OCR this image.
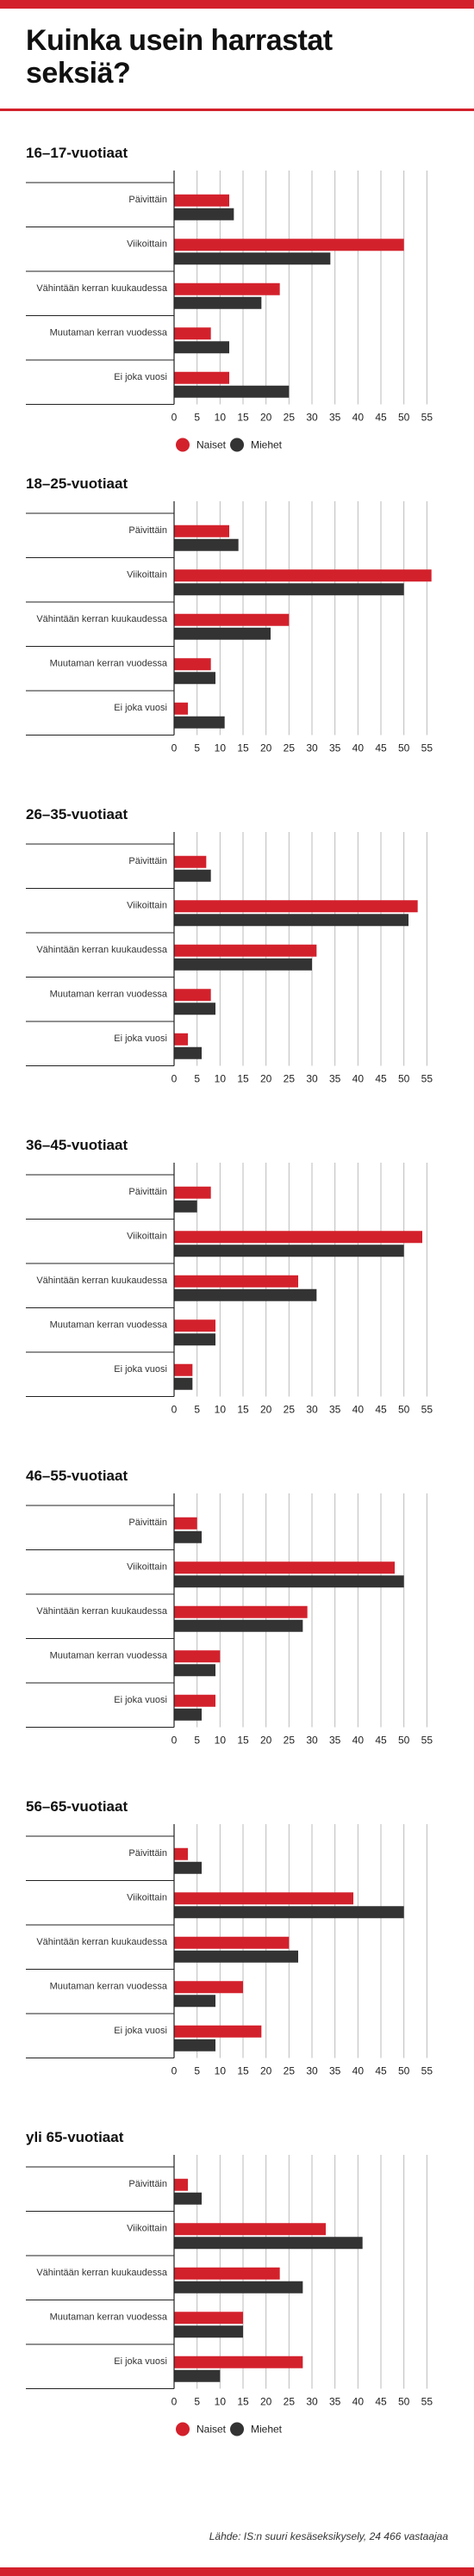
Kuinka usein harrastat seksiä?
16–17-vuotiaat
Päivittäin
Viikoittain
Vähintään kerran kuukaudessa
Muutaman kerran vuodessa
Ei joka vuosi
0 5 10 15 20 25 30 35 40 45 50 55
Naiset Miehet
18–25-vuotiaat
Päivittäin
Viikoittain
Vähintään kerran kuukaudessa
Muutaman kerran vuodessa
Ei joka vuosi
0 5 10 15 20 25 30 35 40 45 50 55
26–35-vuotiaat
Päivittäin
Viikoittain
Vähintään kerran kuukaudessa
Muutaman kerran vuodessa
Ei joka vuosi
0 5 10 15 20 25 30 35 40 45 50 55
36–45-vuotiaat
Päivittäin
Viikoittain
Vähintään kerran kuukaudessa
Muutaman kerran vuodessa
Ei joka vuosi
0 5 10 15 20 25 30 35 40 45 50 55
46–55-vuotiaat
Päivittäin
Viikoittain
Vähintään kerran kuukaudessa
Muutaman kerran vuodessa
Ei joka vuosi
0 5 10 15 20 25 30 35 40 45 50 55
56–65-vuotiaat
Päivittäin
Viikoittain
Vähintään kerran kuukaudessa
Muutaman kerran vuodessa
Ei joka vuosi
0 5 10 15 20 25 30 35 40 45 50 55
yli 65-vuotiaat
Päivittäin
Viikoittain
Vähintään kerran kuukaudessa
Muutaman kerran vuodessa
Ei joka vuosi
0 5 10 15 20 25 30 35 40 45 50 55
Naiset Miehet
Lähde: IS:n suuri kesäseksikysely, 24 466 vastaajaa
